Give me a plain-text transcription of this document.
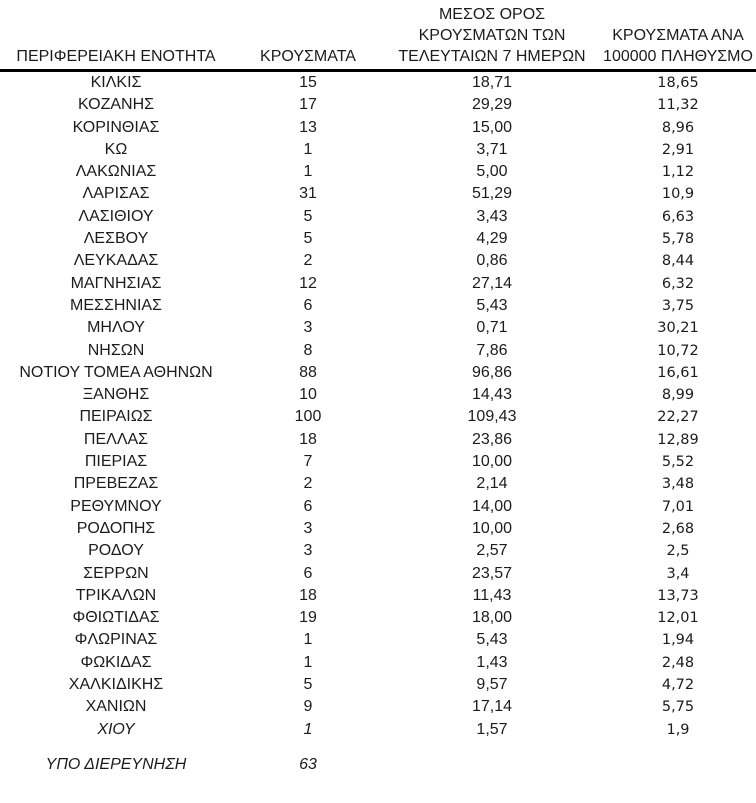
ΠΕΡΙΦΕΡΕΙΑΚΗ ΕΝΟΤΗΤΑ	ΚΡΟΥΣΜΑΤΑ	ΜΕΣΟΣ ΟΡΟΣ
ΚΡΟΥΣΜΑΤΩΝ ΤΩΝ
ΤΕΛΕΥΤΑΙΩΝ 7 ΗΜΕΡΩΝ	ΚΡΟΥΣΜΑΤΑ ΑΝΑ
100000 ΠΛΗΘΥΣΜΟ

ΚΙΛΚΙΣ	15	18,71	18,65
ΚΟΖΑΝΗΣ	17	29,29	11,32
ΚΟΡΙΝΘΙΑΣ	13	15,00	8,96
ΚΩ	1	3,71	2,91
ΛΑΚΩΝΙΑΣ	1	5,00	1,12
ΛΑΡΙΣΑΣ	31	51,29	10,9
ΛΑΣΙΘΙΟΥ	5	3,43	6,63
ΛΕΣΒΟΥ	5	4,29	5,78
ΛΕΥΚΑΔΑΣ	2	0,86	8,44
ΜΑΓΝΗΣΙΑΣ	12	27,14	6,32
ΜΕΣΣΗΝΙΑΣ	6	5,43	3,75
ΜΗΛΟΥ	3	0,71	30,21
ΝΗΣΩΝ	8	7,86	10,72
ΝΟΤΙΟΥ ΤΟΜΕΑ ΑΘΗΝΩΝ	88	96,86	16,61
ΞΑΝΘΗΣ	10	14,43	8,99
ΠΕΙΡΑΙΩΣ	100	109,43	22,27
ΠΕΛΛΑΣ	18	23,86	12,89
ΠΙΕΡΙΑΣ	7	10,00	5,52
ΠΡΕΒΕΖΑΣ	2	2,14	3,48
ΡΕΘΥΜΝΟΥ	6	14,00	7,01
ΡΟΔΟΠΗΣ	3	10,00	2,68
ΡΟΔΟΥ	3	2,57	2,5
ΣΕΡΡΩΝ	6	23,57	3,4
ΤΡΙΚΑΛΩΝ	18	11,43	13,73
ΦΘΙΩΤΙΔΑΣ	19	18,00	12,01
ΦΛΩΡΙΝΑΣ	1	5,43	1,94
ΦΩΚΙΔΑΣ	1	1,43	2,48
ΧΑΛΚΙΔΙΚΗΣ	5	9,57	4,72
ΧΑΝΙΩΝ	9	17,14	5,75
ΧΙΟΥ	1	1,57	1,9

ΥΠΟ ΔΙΕΡΕΥΝΗΣΗ	63		
